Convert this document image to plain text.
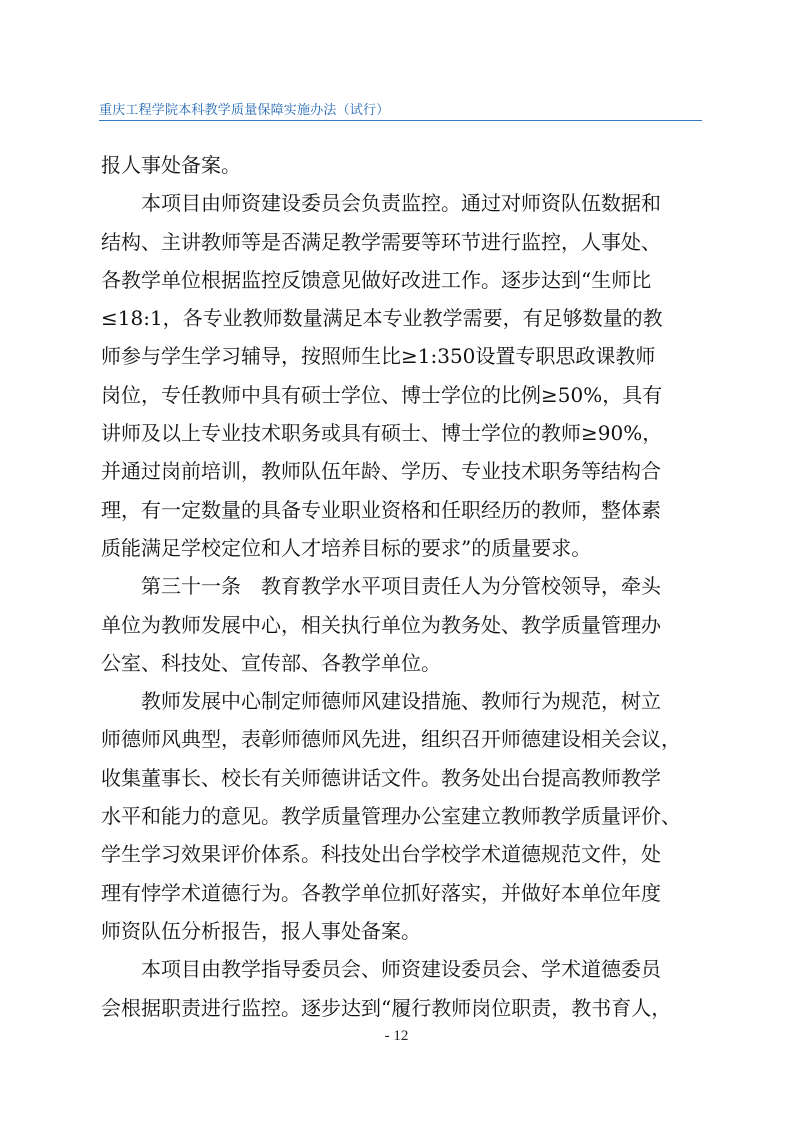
重庆工程学院本科教学质量保障实施办法（试行）
报人事处备案。
　　本项目由师资建设委员会负责监控。通过对师资队伍数据和
结构、主讲教师等是否满足教学需要等环节进行监控，人事处、
各教学单位根据监控反馈意见做好改进工作。逐步达到“生师比
≤18:1，各专业教师数量满足本专业教学需要，有足够数量的教
师参与学生学习辅导，按照师生比≥1:350设置专职思政课教师
岗位，专任教师中具有硕士学位、博士学位的比例≥50%，具有
讲师及以上专业技术职务或具有硕士、博士学位的教师≥90%，
并通过岗前培训，教师队伍年龄、学历、专业技术职务等结构合
理，有一定数量的具备专业职业资格和任职经历的教师，整体素
质能满足学校定位和人才培养目标的要求”的质量要求。
　　第三十一条　教育教学水平项目责任人为分管校领导，牵头
单位为教师发展中心，相关执行单位为教务处、教学质量管理办
公室、科技处、宣传部、各教学单位。
　　教师发展中心制定师德师风建设措施、教师行为规范，树立
师德师风典型，表彰师德师风先进，组织召开师德建设相关会议，
收集董事长、校长有关师德讲话文件。教务处出台提高教师教学
水平和能力的意见。教学质量管理办公室建立教师教学质量评价、
学生学习效果评价体系。科技处出台学校学术道德规范文件，处
理有悖学术道德行为。各教学单位抓好落实，并做好本单位年度
师资队伍分析报告，报人事处备案。
　　本项目由教学指导委员会、师资建设委员会、学术道德委员
会根据职责进行监控。逐步达到“履行教师岗位职责，教书育人，
- 12
